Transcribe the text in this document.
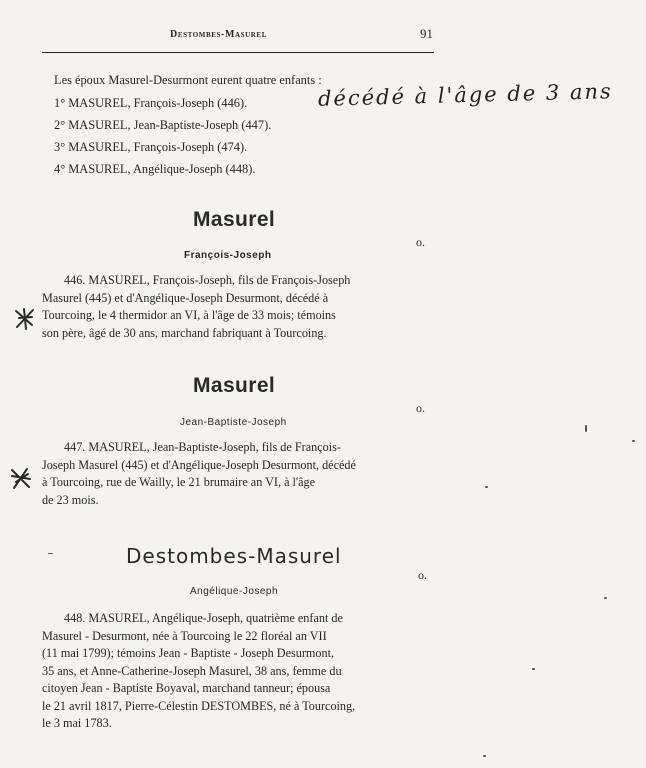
Destombes-Masurel	91
Les époux Masurel-Desurmont eurent quatre enfants :
1° MASUREL, François-Joseph (446).
2° MASUREL, Jean-Baptiste-Joseph (447).
3° MASUREL, François-Joseph (474).
4° MASUREL, Angélique-Joseph (448).
décédé à l'âge de 3 ans
Masurel
François-Joseph
o.
446. MASUREL, François-Joseph, fils de François-Joseph
Masurel (445) et d'Angélique-Joseph Desurmont, décédé à
Tourcoing, le 4 thermidor an VI, à l'âge de 33 mois; témoins
son père, âgé de 30 ans, marchand fabriquant à Tourcoing.
Masurel
Jean-Baptiste-Joseph
o.
447. MASUREL, Jean-Baptiste-Joseph, fils de François-
Joseph Masurel (445) et d'Angélique-Joseph Desurmont, décédé
à Tourcoing, rue de Wailly, le 21 brumaire an VI, à l'âge
de 23 mois.
Destombes-Masurel
Angélique-Joseph
o.
448. MASUREL, Angélique-Joseph, quatrième enfant de
Masurel - Desurmont, née à Tourcoing le 22 floréal an VII
(11 mai 1799); témoins Jean - Baptiste - Joseph Desurmont,
35 ans, et Anne-Catherine-Joseph Masurel, 38 ans, femme du
citoyen Jean - Baptiste Boyaval, marchand tanneur; épousa
le 21 avril 1817, Pierre-Célestin DESTOMBES, né à Tourcoing,
le 3 mai 1783.
